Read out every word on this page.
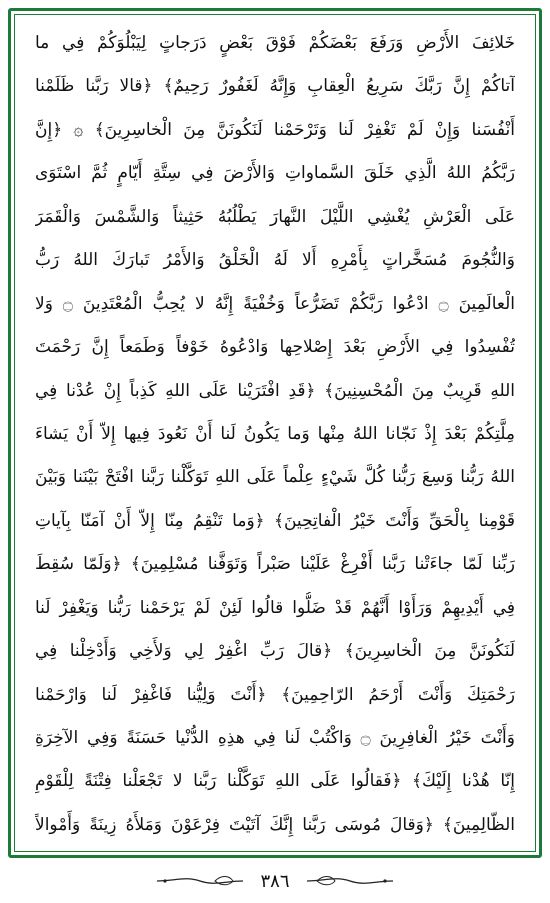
خَلائِفَ الأَرْضِ وَرَفَعَ بَعْضَكُمْ فَوْقَ بَعْضٍ دَرَجاتٍ لِيَبْلُوَكُمْ فِي ما
آتاكُمْ إِنَّ رَبَّكَ سَرِيعُ الْعِقابِ وَإِنَّهُ لَغَفُورٌ رَحِيمٌ﴾ ﴿قالا رَبَّنا ظَلَمْنا
أَنْفُسَنا وَإِنْ لَمْ تَغْفِرْ لَنا وَتَرْحَمْنا لَنَكُونَنَّ مِنَ الْخاسِرِينَ﴾ ۞ ﴿إِنَّ
رَبَّكُمُ اللهُ الَّذِي خَلَقَ السَّماواتِ وَالأَرْضَ فِي سِتَّةِ أَيّامٍ ثُمَّ اسْتَوَى
عَلَى الْعَرْشِ يُغْشِي اللَّيْلَ النَّهارَ يَطْلُبُهُ حَثِيثاً وَالشَّمْسَ وَالْقَمَرَ
وَالنُّجُومَ مُسَخَّراتٍ بِأَمْرِهِ أَلا لَهُ الْخَلْقُ وَالأَمْرُ تَبارَكَ اللهُ رَبُّ
الْعالَمِينَ ۝ ادْعُوا رَبَّكُمْ تَضَرُّعاً وَخُفْيَةً إِنَّهُ لا يُحِبُّ الْمُعْتَدِينَ ۝ وَلا
تُفْسِدُوا فِي الأَرْضِ بَعْدَ إِصْلاحِها وَادْعُوهُ خَوْفاً وَطَمَعاً إِنَّ رَحْمَتَ
اللهِ قَرِيبٌ مِنَ الْمُحْسِنِينَ﴾ ﴿قَدِ افْتَرَيْنا عَلَى اللهِ كَذِباً إِنْ عُدْنا فِي
مِلَّتِكُمْ بَعْدَ إِذْ نَجّانا اللهُ مِنْها وَما يَكُونُ لَنا أَنْ نَعُودَ فِيها إِلاّ أَنْ يَشاءَ
اللهُ رَبُّنا وَسِعَ رَبُّنا كُلَّ شَيْءٍ عِلْماً عَلَى اللهِ تَوَكَّلْنا رَبَّنا افْتَحْ بَيْنَنا وَبَيْنَ
قَوْمِنا بِالْحَقِّ وَأَنْتَ خَيْرُ الْفاتِحِينَ﴾ ﴿وَما تَنْقِمُ مِنّا إِلاّ أَنْ آمَنّا بِآياتِ
رَبِّنا لَمّا جاءَتْنا رَبَّنا أَفْرِغْ عَلَيْنا صَبْراً وَتَوَفَّنا مُسْلِمِينَ﴾ ﴿وَلَمّا سُقِطَ
فِي أَيْدِيهِمْ وَرَأَوْا أَنَّهُمْ قَدْ ضَلُّوا قالُوا لَئِنْ لَمْ يَرْحَمْنا رَبُّنا وَيَغْفِرْ لَنا
لَنَكُونَنَّ مِنَ الْخاسِرِينَ﴾ ﴿قالَ رَبِّ اغْفِرْ لِي وَلأَخِي وَأَدْخِلْنا فِي
رَحْمَتِكَ وَأَنْتَ أَرْحَمُ الرّاحِمِينَ﴾ ﴿أَنْتَ وَلِيُّنا فَاغْفِرْ لَنا وَارْحَمْنا
وَأَنْتَ خَيْرُ الْغافِرِينَ ۝ وَاكْتُبْ لَنا فِي هذِهِ الدُّنْيا حَسَنَةً وَفِي الآخِرَةِ
إِنّا هُدْنا إِلَيْكَ﴾ ﴿فَقالُوا عَلَى اللهِ تَوَكَّلْنا رَبَّنا لا تَجْعَلْنا فِتْنَةً لِلْقَوْمِ
الظّالِمِينَ﴾ ﴿وَقالَ مُوسَى رَبَّنا إِنَّكَ آتَيْتَ فِرْعَوْنَ وَمَلأَهُ زِينَةً وَأَمْوالاً
٣٨٦
